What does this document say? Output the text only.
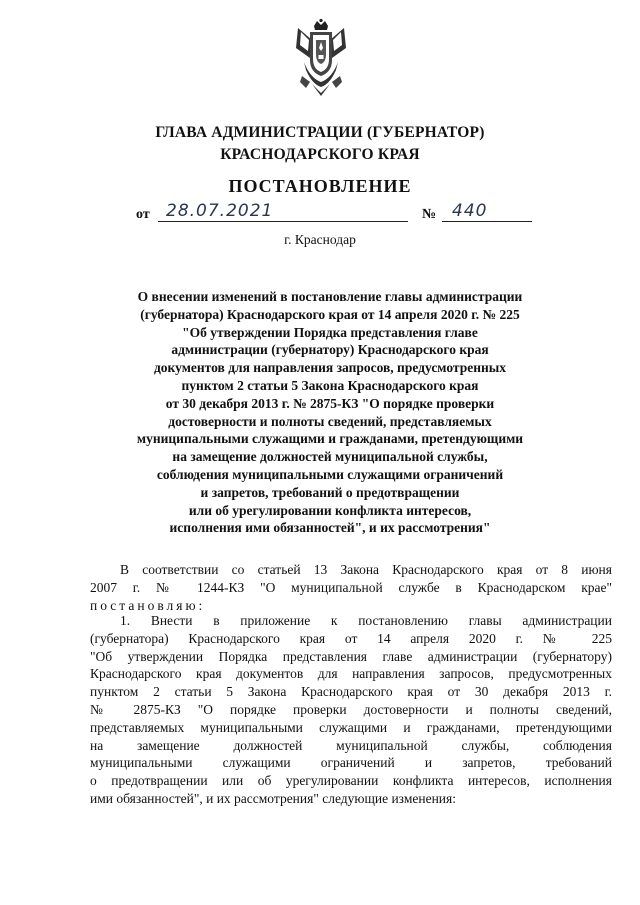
ГЛАВА АДМИНИСТРАЦИИ (ГУБЕРНАТОР)
КРАСНОДАРСКОГО КРАЯ
ПОСТАНОВЛЕНИЕ
от 28.07.2021	№ 440
г. Краснодар
О внесении изменений в постановление главы администрации
(губернатора) Краснодарского края от 14 апреля 2020 г. № 225
"Об утверждении Порядка представления главе
администрации (губернатору) Краснодарского края
документов для направления запросов, предусмотренных
пунктом 2 статьи 5 Закона Краснодарского края
от 30 декабря 2013 г. № 2875-КЗ "О порядке проверки
достоверности и полноты сведений, представляемых
муниципальными служащими и гражданами, претендующими
на замещение должностей муниципальной службы,
соблюдения муниципальными служащими ограничений
и запретов, требований о предотвращении
или об урегулировании конфликта интересов,
исполнения ими обязанностей", и их рассмотрения"
В соответствии со статьей 13 Закона Краснодарского края от 8 июня
2007 г. № 1244-КЗ "О муниципальной службе в Краснодарском крае"
постановляю:
1. Внести в приложение к постановлению главы администрации
(губернатора) Краснодарского края от 14 апреля 2020 г. № 225
"Об утверждении Порядка представления главе администрации (губернатору)
Краснодарского края документов для направления запросов, предусмотренных
пунктом 2 статьи 5 Закона Краснодарского края от 30 декабря 2013 г.
№ 2875-КЗ "О порядке проверки достоверности и полноты сведений,
представляемых муниципальными служащими и гражданами, претендующими
на замещение должностей муниципальной службы, соблюдения
муниципальными служащими ограничений и запретов, требований
о предотвращении или об урегулировании конфликта интересов, исполнения
ими обязанностей", и их рассмотрения" следующие изменения:
